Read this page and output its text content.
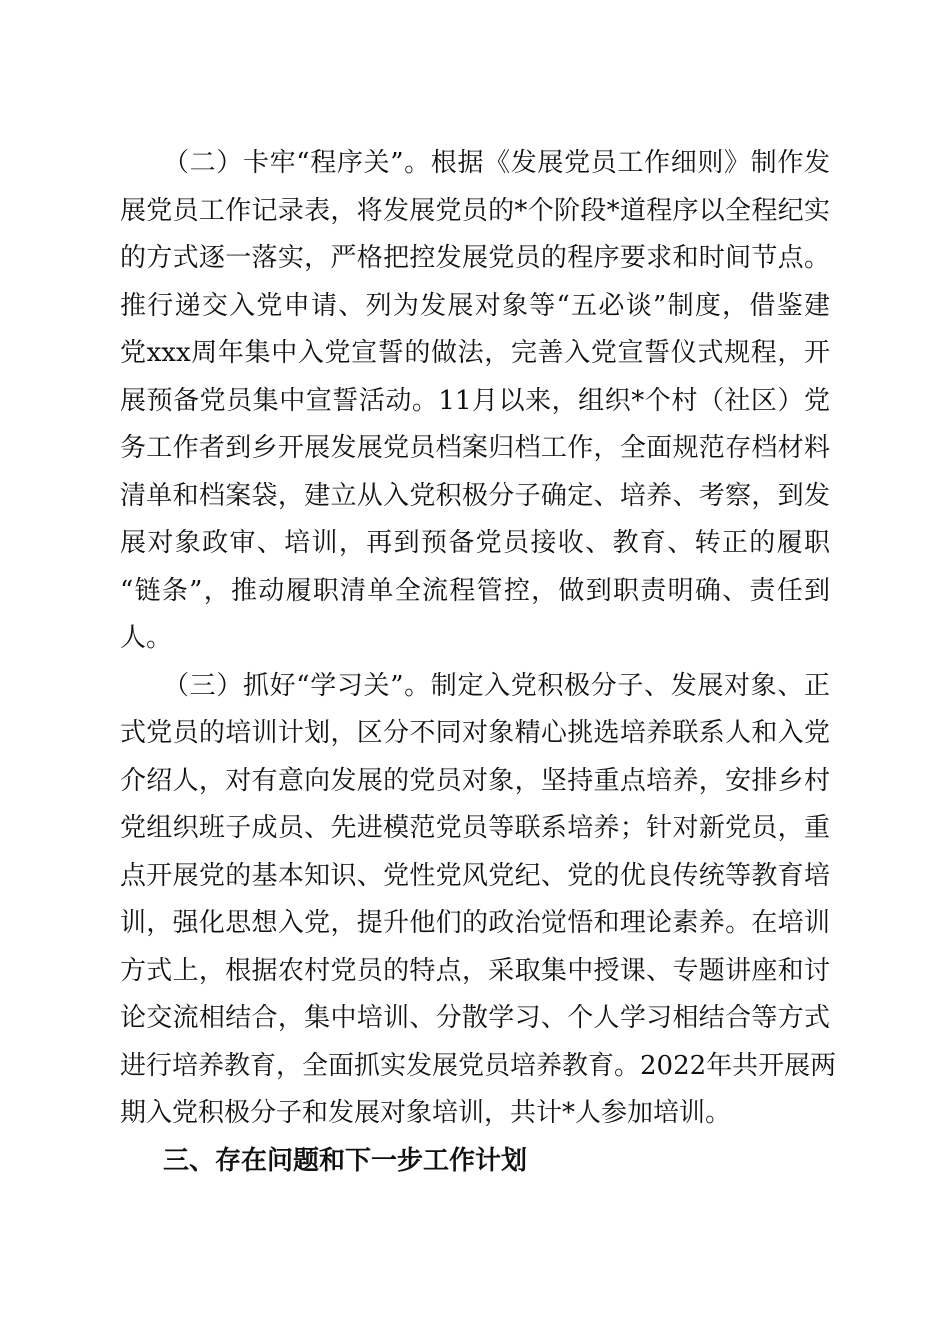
（二）卡牢“程序关”。根据《发展党员工作细则》制作发
展党员工作记录表，将发展党员的*个阶段*道程序以全程纪实
的方式逐一落实，严格把控发展党员的程序要求和时间节点。
推行递交入党申请、列为发展对象等“五必谈”制度，借鉴建
党xxx周年集中入党宣誓的做法，完善入党宣誓仪式规程，开
展预备党员集中宣誓活动。11月以来，组织*个村（社区）党
务工作者到乡开展发展党员档案归档工作，全面规范存档材料
清单和档案袋，建立从入党积极分子确定、培养、考察，到发
展对象政审、培训，再到预备党员接收、教育、转正的履职
“链条”，推动履职清单全流程管控，做到职责明确、责任到
人。
（三）抓好“学习关”。制定入党积极分子、发展对象、正
式党员的培训计划，区分不同对象精心挑选培养联系人和入党
介绍人，对有意向发展的党员对象，坚持重点培养，安排乡村
党组织班子成员、先进模范党员等联系培养；针对新党员，重
点开展党的基本知识、党性党风党纪、党的优良传统等教育培
训，强化思想入党，提升他们的政治觉悟和理论素养。在培训
方式上，根据农村党员的特点，采取集中授课、专题讲座和讨
论交流相结合，集中培训、分散学习、个人学习相结合等方式
进行培养教育，全面抓实发展党员培养教育。2022年共开展两
期入党积极分子和发展对象培训，共计*人参加培训。
三、存在问题和下一步工作计划
